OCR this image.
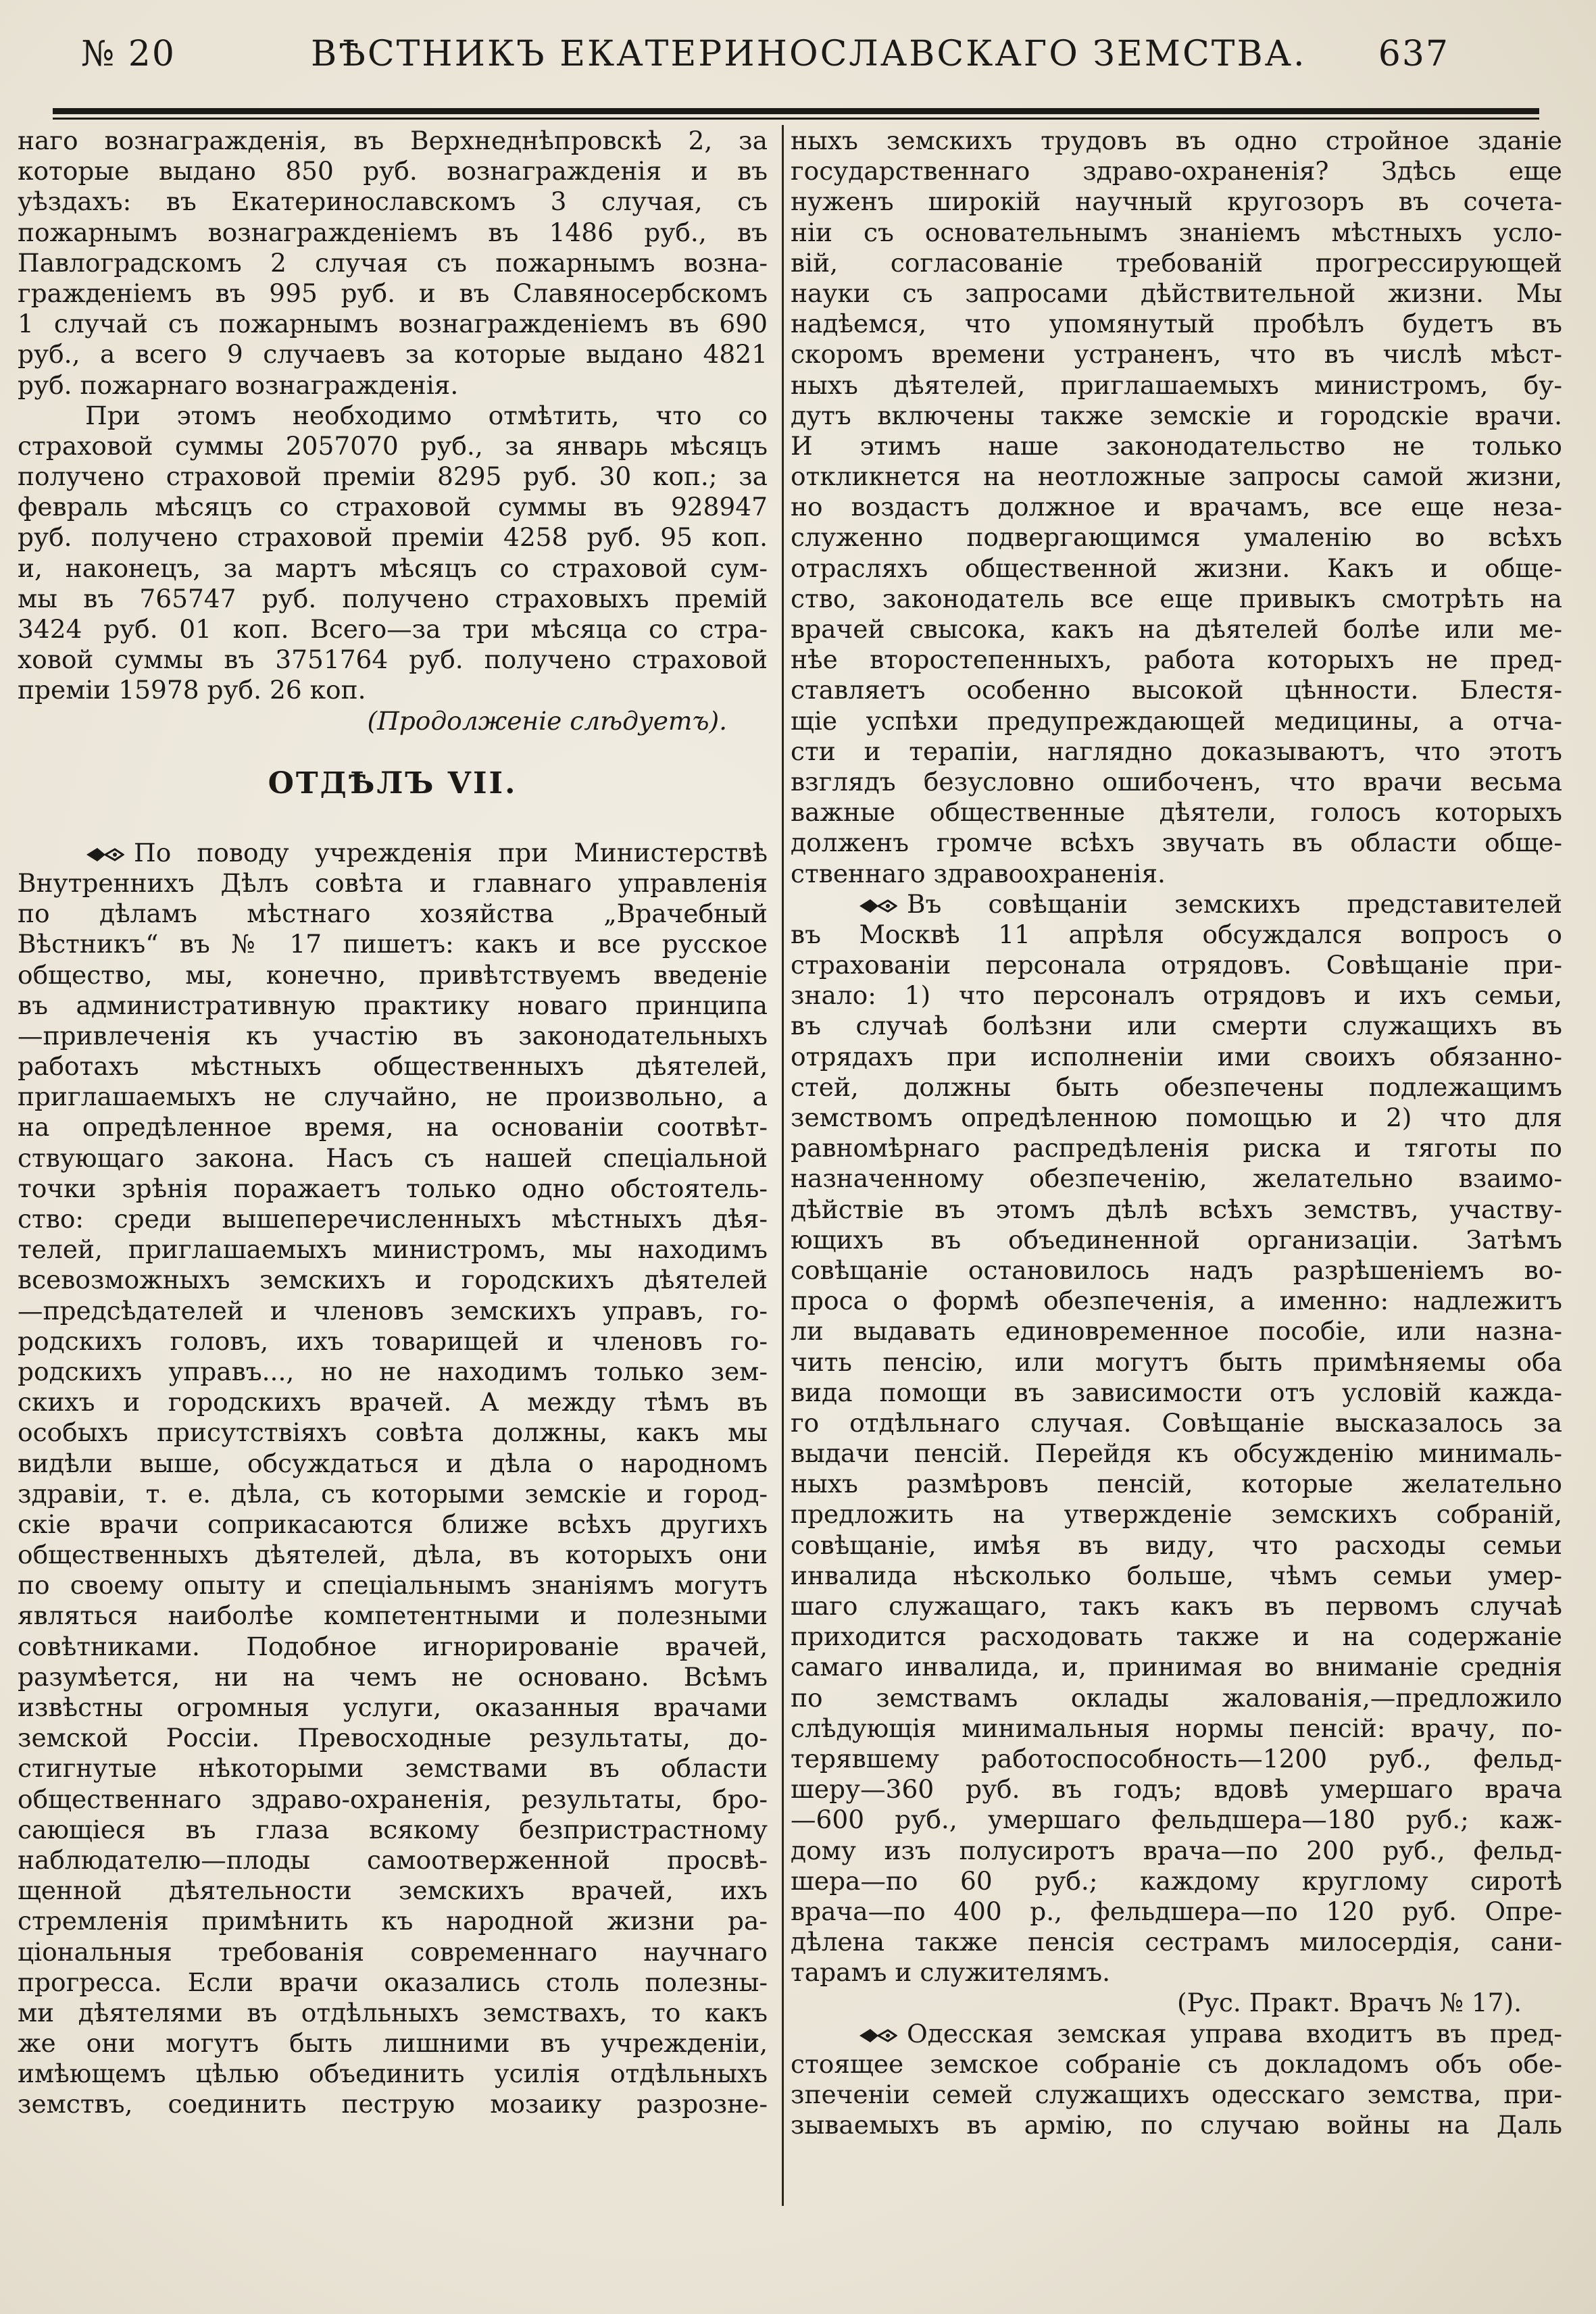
№ 20	ВѢСТНИКЪ ЕКАТЕРИНОСЛАВСКАГО ЗЕМСТВА. 637
наго вознагражденія, въ Верхнеднѣпровскѣ 2, за
которые выдано 850 руб. вознагражденія и въ
уѣздахъ: въ Екатеринославскомъ 3 случая, съ
пожарнымъ вознагражденіемъ въ 1486 руб., въ
Павлоградскомъ 2 случая съ пожарнымъ возна-
гражденіемъ въ 995 руб. и въ Славяносербскомъ
1 случай съ пожарнымъ вознагражденіемъ въ 690
руб., а всего 9 случаевъ за которые выдано 4821
руб. пожарнаго вознагражденія.
При этомъ необходимо отмѣтить, что со
страховой суммы 2057070 руб., за январь мѣсяцъ
получено страховой преміи 8295 руб. 30 коп.; за
февраль мѣсяцъ со страховой суммы въ 928947
руб. получено страховой преміи 4258 руб. 95 коп.
и, наконецъ, за мартъ мѣсяцъ со страховой сум-
мы въ 765747 руб. получено страховыхъ премій
3424 руб. 01 коп. Всего—за три мѣсяца со стра-
ховой суммы въ 3751764 руб. получено страховой
преміи 15978 руб. 26 коп.
(Продолженіе слѣдуетъ).
ОТДѢЛЪ VII.
По поводу учрежденія при Министерствѣ
Внутреннихъ Дѣлъ совѣта и главнаго управленія
по дѣламъ мѣстнаго хозяйства „Врачебный
Вѣстникъ“ въ № 17 пишетъ: какъ и все русское
общество, мы, конечно, привѣтствуемъ введеніе
въ административную практику новаго принципа
—привлеченія къ участію въ законодательныхъ
работахъ мѣстныхъ общественныхъ дѣятелей,
приглашаемыхъ не случайно, не произвольно, а
на опредѣленное время, на основаніи соотвѣт-
ствующаго закона. Насъ съ нашей спеціальной
точки зрѣнія поражаетъ только одно обстоятель-
ство: среди вышеперечисленныхъ мѣстныхъ дѣя-
телей, приглашаемыхъ министромъ, мы находимъ
всевозможныхъ земскихъ и городскихъ дѣятелей
—предсѣдателей и членовъ земскихъ управъ, го-
родскихъ головъ, ихъ товарищей и членовъ го-
родскихъ управъ..., но не находимъ только зем-
скихъ и городскихъ врачей. А между тѣмъ въ
особыхъ присутствіяхъ совѣта должны, какъ мы
видѣли выше, обсуждаться и дѣла о народномъ
здравіи, т. е. дѣла, съ которыми земскіе и город-
скіе врачи соприкасаются ближе всѣхъ другихъ
общественныхъ дѣятелей, дѣла, въ которыхъ они
по своему опыту и спеціальнымъ знаніямъ могутъ
являться наиболѣе компетентными и полезными
совѣтниками. Подобное игнорированіе врачей,
разумѣется, ни на чемъ не основано. Всѣмъ
извѣстны огромныя услуги, оказанныя врачами
земской Россіи. Превосходные результаты, до-
стигнутые нѣкоторыми земствами въ области
общественнаго здраво-охраненія, результаты, бро-
сающіеся въ глаза всякому безпристрастному
наблюдателю—плоды самоотверженной просвѣ-
щенной дѣятельности земскихъ врачей, ихъ
стремленія примѣнить къ народной жизни ра-
ціональныя требованія современнаго научнаго
прогресса. Если врачи оказались столь полезны-
ми дѣятелями въ отдѣльныхъ земствахъ, то какъ
же они могутъ быть лишними въ учрежденіи,
имѣющемъ цѣлью объединить усилія отдѣльныхъ
земствъ, соединить пеструю мозаику разрозне-
ныхъ земскихъ трудовъ въ одно стройное зданіе
государственнаго здраво-охраненія? Здѣсь еще
нуженъ широкій научный кругозоръ въ сочета-
ніи съ основательнымъ знаніемъ мѣстныхъ усло-
вій, согласованіе требованій прогрессирующей
науки съ запросами дѣйствительной жизни. Мы
надѣемся, что упомянутый пробѣлъ будетъ въ
скоромъ времени устраненъ, что въ числѣ мѣст-
ныхъ дѣятелей, приглашаемыхъ министромъ, бу-
дутъ включены также земскіе и городскіе врачи.
И этимъ наше законодательство не только
откликнется на неотложные запросы самой жизни,
но воздастъ должное и врачамъ, все еще неза-
служенно подвергающимся умаленію во всѣхъ
отрасляхъ общественной жизни. Какъ и обще-
ство, законодатель все еще привыкъ смотрѣть на
врачей свысока, какъ на дѣятелей болѣе или ме-
нѣе второстепенныхъ, работа которыхъ не пред-
ставляетъ особенно высокой цѣнности. Блестя-
щіе успѣхи предупреждающей медицины, а отча-
сти и терапіи, наглядно доказываютъ, что этотъ
взглядъ безусловно ошибоченъ, что врачи весьма
важные общественные дѣятели, голосъ которыхъ
долженъ громче всѣхъ звучать въ области обще-
ственнаго здравоохраненія.
Въ совѣщаніи земскихъ представителей
въ Москвѣ 11 апрѣля обсуждался вопросъ о
страхованіи персонала отрядовъ. Совѣщаніе при-
знало: 1) что персоналъ отрядовъ и ихъ семьи,
въ случаѣ болѣзни или смерти служащихъ въ
отрядахъ при исполненіи ими своихъ обязанно-
стей, должны быть обезпечены подлежащимъ
земствомъ опредѣленною помощью и 2) что для
равномѣрнаго распредѣленія риска и тяготы по
назначенному обезпеченію, желательно взаимо-
дѣйствіе въ этомъ дѣлѣ всѣхъ земствъ, участву-
ющихъ въ объединенной организаціи. Затѣмъ
совѣщаніе остановилось надъ разрѣшеніемъ во-
проса о формѣ обезпеченія, а именно: надлежитъ
ли выдавать единовременное пособіе, или назна-
чить пенсію, или могутъ быть примѣняемы оба
вида помощи въ зависимости отъ условій кажда-
го отдѣльнаго случая. Совѣщаніе высказалось за
выдачи пенсій. Перейдя къ обсужденію минималь-
ныхъ размѣровъ пенсій, которые желательно
предложить на утвержденіе земскихъ собраній,
совѣщаніе, имѣя въ виду, что расходы семьи
инвалида нѣсколько больше, чѣмъ семьи умер-
шаго служащаго, такъ какъ въ первомъ случаѣ
приходится расходовать также и на содержаніе
самаго инвалида, и, принимая во вниманіе среднія
по земствамъ оклады жалованія,—предложило
слѣдующія минимальныя нормы пенсій: врачу, по-
терявшему работоспособность—1200 руб., фельд-
шеру—360 руб. въ годъ; вдовѣ умершаго врача
—600 руб., умершаго фельдшера—180 руб.; каж-
дому изъ полусиротъ врача—по 200 руб., фельд-
шера—по 60 руб.; каждому круглому сиротѣ
врача—по 400 р., фельдшера—по 120 руб. Опре-
дѣлена также пенсія сестрамъ милосердія, сани-
тарамъ и служителямъ.
(Рус. Практ. Врачъ № 17).
Одесская земская управа входитъ въ пред-
стоящее земское собраніе съ докладомъ объ обе-
зпеченіи семей служащихъ одесскаго земства, при-
зываемыхъ въ армію, по случаю войны на Даль
